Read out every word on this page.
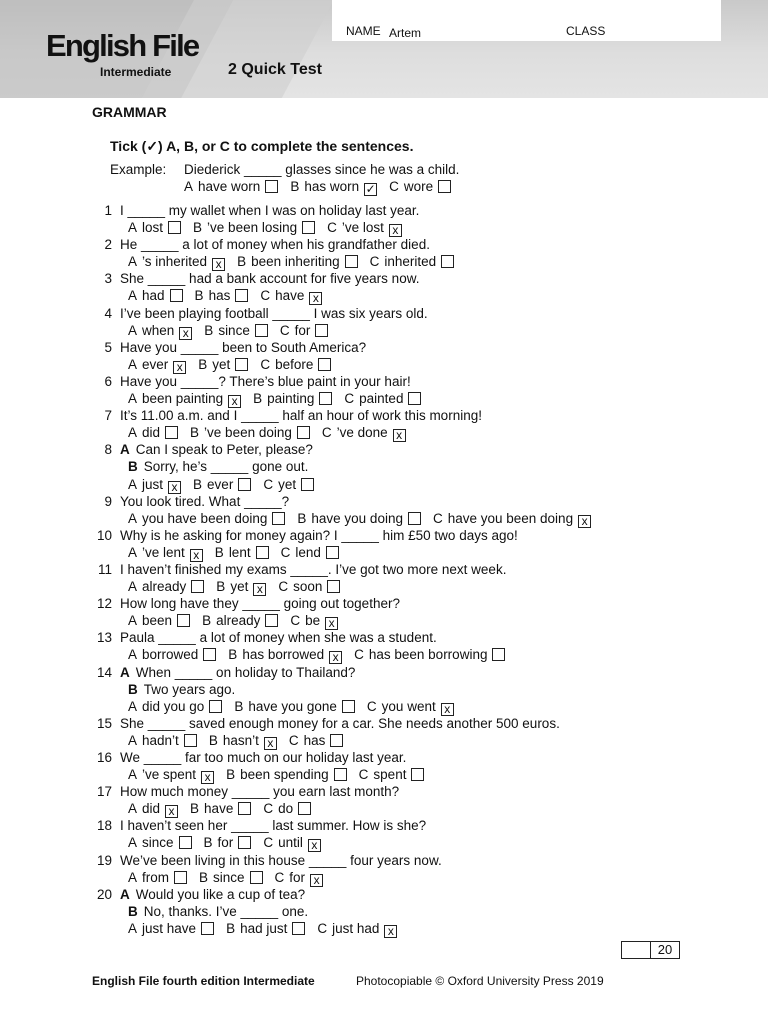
NAME Artem	CLASS
English File
Intermediate	2 Quick Test
GRAMMAR
Tick (✓) A, B, or C to complete the sentences.
Example: Diederick _____ glasses since he was a child.
A have worn B has worn ✓ C wore
1 I _____ my wallet when I was on holiday last year.
A lost B ’ve been losing C ’ve lost x
2 He _____ a lot of money when his grandfather died.
A ’s inherited x B been inheriting C inherited
3 She _____ had a bank account for five years now.
A had B has C have x
4 I’ve been playing football _____ I was six years old.
A when x B since C for
5 Have you _____ been to South America?
A ever x B yet C before
6 Have you _____? There’s blue paint in your hair!
A been painting x B painting C painted
7 It’s 11.00 a.m. and I _____ half an hour of work this morning!
A did B ’ve been doing C ’ve done x
8 A Can I speak to Peter, please?
B Sorry, he’s _____ gone out.
A just x B ever C yet
9 You look tired. What _____?
A you have been doing B have you doing C have you been doing x
10 Why is he asking for money again? I _____ him £50 two days ago!
A ’ve lent x B lent C lend
11 I haven’t finished my exams _____. I’ve got two more next week.
A already B yet x C soon
12 How long have they _____ going out together?
A been B already C be x
13 Paula _____ a lot of money when she was a student.
A borrowed B has borrowed x C has been borrowing
14 A When _____ on holiday to Thailand?
B Two years ago.
A did you go B have you gone C you went x
15 She _____ saved enough money for a car. She needs another 500 euros.
A hadn’t B hasn’t x C has
16 We _____ far too much on our holiday last year.
A ’ve spent x B been spending C spent
17 How much money _____ you earn last month?
A did x B have C do
18 I haven’t seen her _____ last summer. How is she?
A since B for C until x
19 We’ve been living in this house _____ four years now.
A from B since C for x
20 A Would you like a cup of tea?
B No, thanks. I’ve _____ one.
A just have B had just C just had x
20
English File fourth edition Intermediate	Photocopiable © Oxford University Press 2019
